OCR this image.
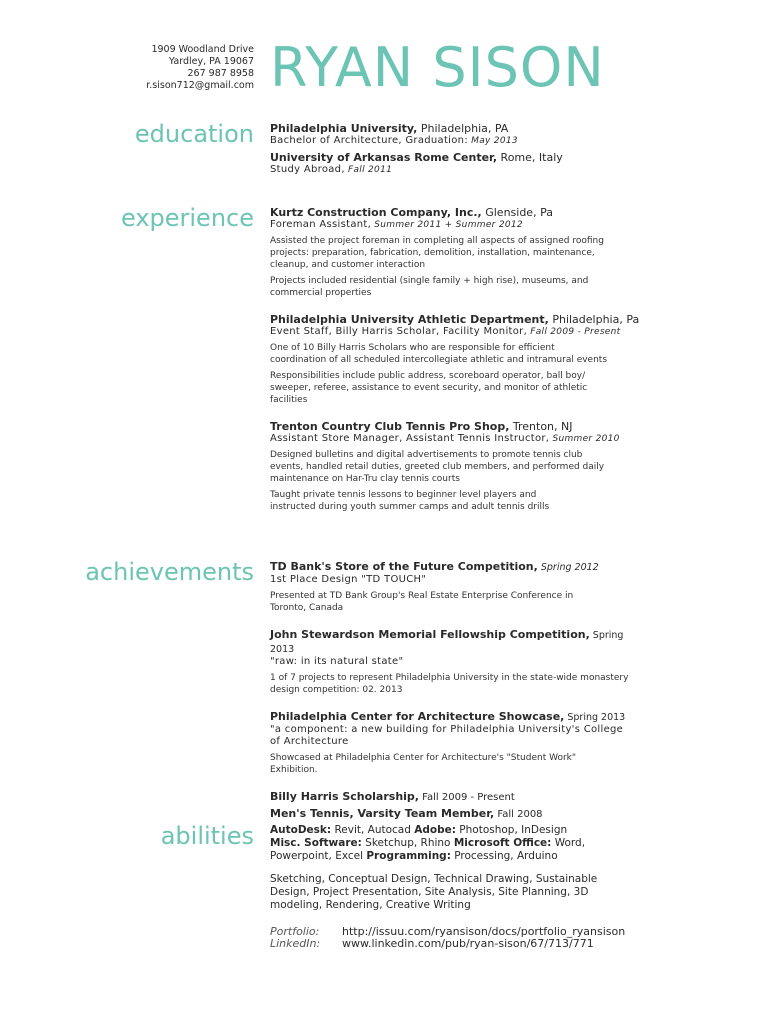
1909 Woodland Drive
Yardley, PA 19067
267 987 8958
r.sison712@gmail.com RYAN SISON
education Philadelphia University, Philadelphia, PA
Bachelor of Architecture, Graduation: May 2013
University of Arkansas Rome Center, Rome, Italy
Study Abroad, Fall 2011
experience Kurtz Construction Company, Inc., Glenside, Pa
Foreman Assistant, Summer 2011 + Summer 2012
Assisted the project foreman in completing all aspects of assigned roofing projects: preparation, fabrication, demolition, installation, maintenance, cleanup, and customer interaction
Projects included residential (single family + high rise), museums, and commercial properties
Philadelphia University Athletic Department, Philadelphia, Pa
Event Staff, Billy Harris Scholar, Facility Monitor, Fall 2009 - Present
One of 10 Billy Harris Scholars who are responsible for efficient coordination of all scheduled intercollegiate athletic and intramural events
Responsibilities include public address, scoreboard operator, ball boy/ sweeper, referee, assistance to event security, and monitor of athletic facilities
Trenton Country Club Tennis Pro Shop, Trenton, NJ
Assistant Store Manager, Assistant Tennis Instructor, Summer 2010
Designed bulletins and digital advertisements to promote tennis club events, handled retail duties, greeted club members, and performed daily maintenance on Har-Tru clay tennis courts
Taught private tennis lessons to beginner level players and instructed during youth summer camps and adult tennis drills
achievements TD Bank's Store of the Future Competition, Spring 2012
1st Place Design "TD TOUCH"
Presented at TD Bank Group's Real Estate Enterprise Conference in Toronto, Canada
John Stewardson Memorial Fellowship Competition, Spring 2013
"raw: in its natural state"
1 of 7 projects to represent Philadelphia University in the state-wide monastery design competition: 02. 2013
Philadelphia Center for Architecture Showcase, Spring 2013
"a component: a new building for Philadelphia University's College of Architecture
Showcased at Philadelphia Center for Architecture's "Student Work" Exhibition.
Billy Harris Scholarship, Fall 2009 - Present
Men's Tennis, Varsity Team Member, Fall 2008
abilities AutoDesk: Revit, Autocad Adobe: Photoshop, InDesign Misc. Software: Sketchup, Rhino Microsoft Office: Word, Powerpoint, Excel Programming: Processing, Arduino
Sketching, Conceptual Design, Technical Drawing, Sustainable Design, Project Presentation, Site Analysis, Site Planning, 3D modeling, Rendering, Creative Writing
Portfolio:	http://issuu.com/ryansison/docs/portfolio_ryansison
LinkedIn:	www.linkedin.com/pub/ryan-sison/67/713/771
